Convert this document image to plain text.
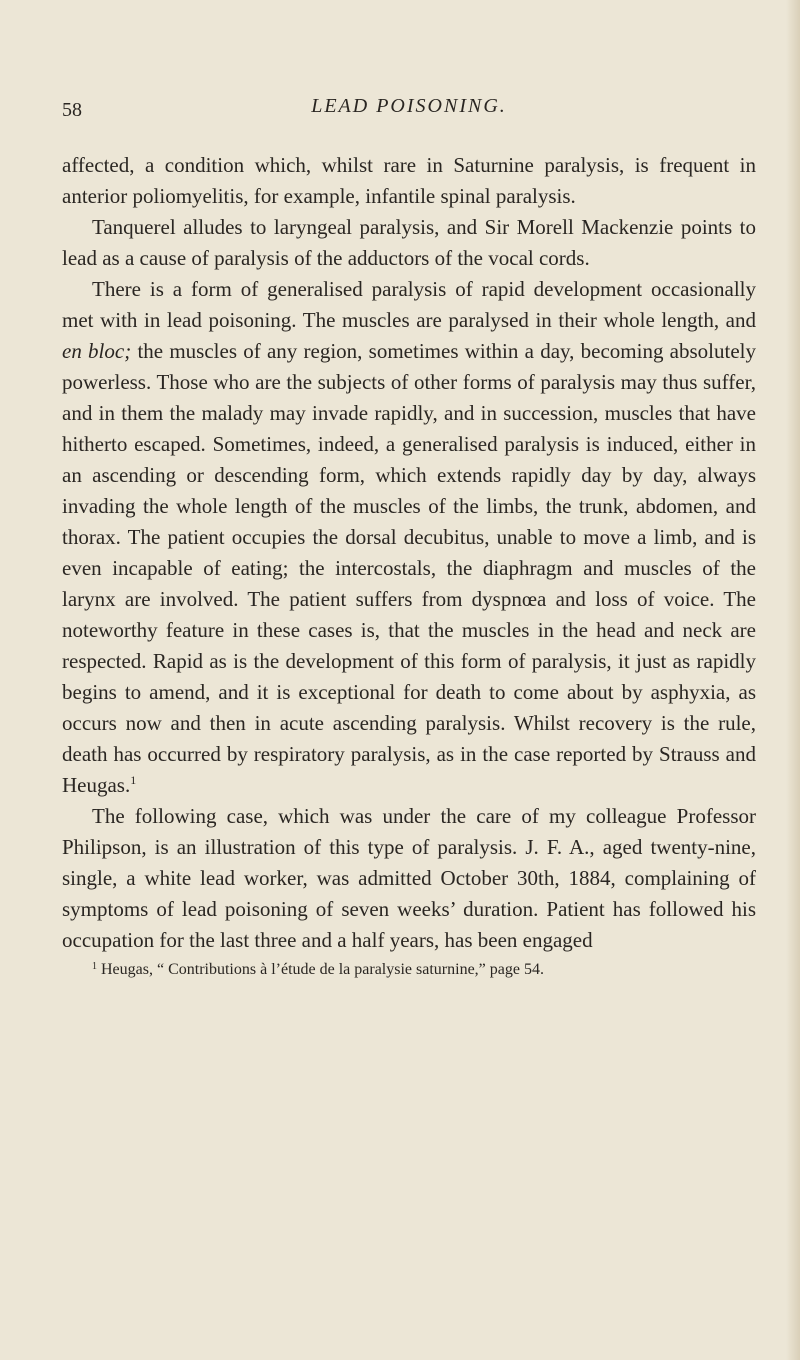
58	LEAD POISONING.

affected, a condition which, whilst rare in Saturnine paralysis, is frequent in anterior poliomyelitis, for example, infantile spinal paralysis.

Tanquerel alludes to laryngeal paralysis, and Sir Morell Mackenzie points to lead as a cause of paralysis of the adductors of the vocal cords.

There is a form of generalised paralysis of rapid development occasionally met with in lead poisoning. The muscles are paralysed in their whole length, and en bloc; the muscles of any region, sometimes within a day, becoming absolutely powerless. Those who are the subjects of other forms of paralysis may thus suffer, and in them the malady may invade rapidly, and in succession, muscles that have hitherto escaped. Sometimes, indeed, a generalised paralysis is induced, either in an ascending or descending form, which extends rapidly day by day, always invading the whole length of the muscles of the limbs, the trunk, abdomen, and thorax. The patient occupies the dorsal decubitus, unable to move a limb, and is even incapable of eating; the intercostals, the diaphragm and muscles of the larynx are involved. The patient suffers from dyspnœa and loss of voice. The noteworthy feature in these cases is, that the muscles in the head and neck are respected. Rapid as is the development of this form of paralysis, it just as rapidly begins to amend, and it is exceptional for death to come about by asphyxia, as occurs now and then in acute ascending paralysis. Whilst recovery is the rule, death has occurred by respiratory paralysis, as in the case reported by Strauss and Heugas.$^1$

The following case, which was under the care of my colleague Professor Philipson, is an illustration of this type of paralysis. J. F. A., aged twenty-nine, single, a white lead worker, was admitted October 30th, 1884, complaining of symptoms of lead poisoning of seven weeks’ duration. Patient has followed his occupation for the last three and a half years, has been engaged

$^1$ Heugas, “ Contributions à l’étude de la paralysie saturnine,” page 54.
